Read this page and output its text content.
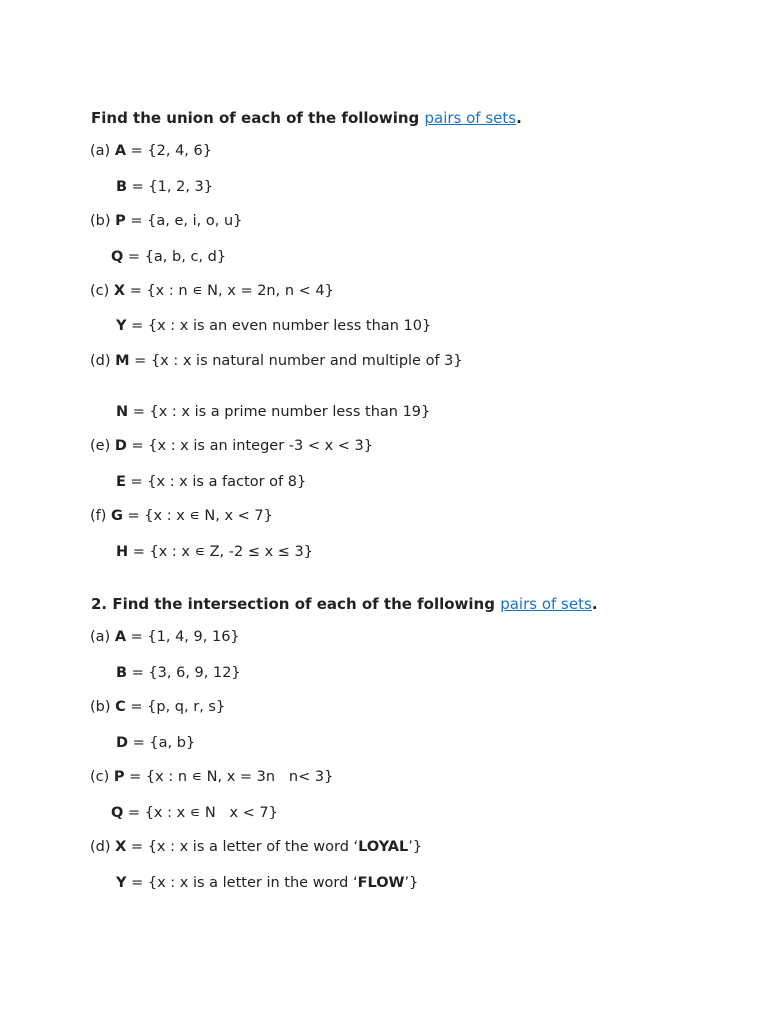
Find the union of each of the following pairs of sets.
(a) A = {2, 4, 6}
B = {1, 2, 3}
(b) P = {a, e, i, o, u}
Q = {a, b, c, d}
(c) X = {x : n ∊ N, x = 2n, n < 4}
Y = {x : x is an even number less than 10}
(d) M = {x : x is natural number and multiple of 3}
N = {x : x is a prime number less than 19}
(e) D = {x : x is an integer -3 < x < 3}
E = {x : x is a factor of 8}
(f) G = {x : x ∊ N, x < 7}
H = {x : x ∊ Z, -2 ≤ x ≤ 3}
2. Find the intersection of each of the following pairs of sets.
(a) A = {1, 4, 9, 16}
B = {3, 6, 9, 12}
(b) C = {p, q, r, s}
D = {a, b}
(c) P = {x : n ∊ N, x = 3n   n< 3}
Q = {x : x ∊ N   x < 7}
(d) X = {x : x is a letter of the word ‘LOYAL’}
Y = {x : x is a letter in the word ‘FLOW’}
